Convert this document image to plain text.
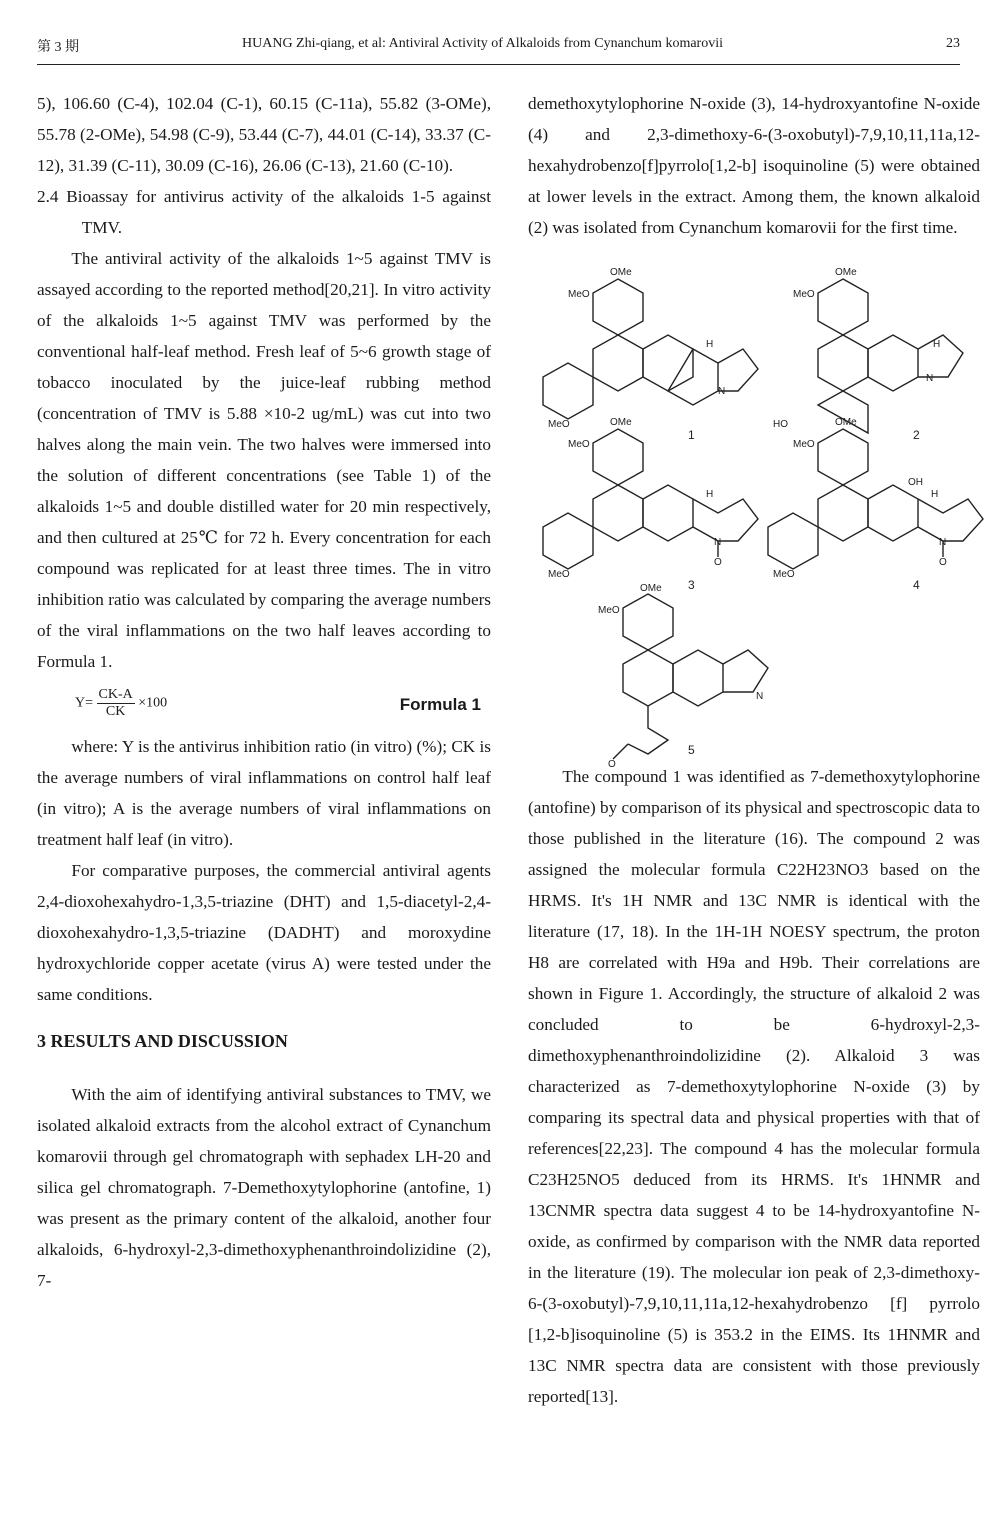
第 3 期	HUANG Zhi-qiang, et al: Antiviral Activity of Alkaloids from Cynanchum komarovii	23

5), 106.60 (C-4), 102.04 (C-1), 60.15 (C-11a), 55.82 (3-OMe), 55.78 (2-OMe), 54.98 (C-9), 53.44 (C-7), 44.01 (C-14), 33.37 (C-12), 31.39 (C-11), 30.09 (C-16), 26.06 (C-13), 21.60 (C-10).

2.4 Bioassay for antivirus activity of the alkaloids 1-5 against TMV.

The antiviral activity of the alkaloids 1~5 against TMV is assayed according to the reported method[20,21]. In vitro activity of the alkaloids 1~5 against TMV was performed by the conventional half-leaf method. Fresh leaf of 5~6 growth stage of tobacco inoculated by the juice-leaf rubbing method (concentration of TMV is 5.88 ×10-2 ug/mL) was cut into two halves along the main vein. The two halves were immersed into the solution of different concentrations (see Table 1) of the alkaloids 1~5 and double distilled water for 20 min respectively, and then cultured at 25℃ for 72 h. Every concentration for each compound was replicated for at least three times. The in vitro inhibition ratio was calculated by comparing the average numbers of the viral inflammations on the two half leaves according to Formula 1.

$Y= \frac{CK-A}{CK} \times 100$	Formula 1

where: Y is the antivirus inhibition ratio (in vitro) (%); CK is the average numbers of viral inflammations on control half leaf (in vitro); A is the average numbers of viral inflammations on treatment half leaf (in vitro).

For comparative purposes, the commercial antiviral agents 2,4-dioxohexahydro-1,3,5-triazine (DHT) and 1,5-diacetyl-2,4-dioxohexahydro-1,3,5-triazine (DADHT) and moroxydine hydroxychloride copper acetate (virus A) were tested under the same conditions.

3 RESULTS AND DISCUSSION

With the aim of identifying antiviral substances to TMV, we isolated alkaloid extracts from the alcohol extract of Cynanchum komarovii through gel chromatograph with sephadex LH-20 and silica gel chromatograph. 7-Demethoxytylophorine (antofine, 1) was present as the primary content of the alkaloid, another four alkaloids, 6-hydroxyl-2,3-dimethoxyphenanthroindolizidine (2), 7-

demethoxytylophorine N-oxide (3), 14-hydroxyantofine N-oxide (4) and 2,3-dimethoxy-6-(3-oxobutyl)-7,9,10,11,11a,12-hexahydrobenzo[f]pyrrolo[1,2-b] isoquinoline (5) were obtained at lower levels in the extract. Among them, the known alkaloid (2) was isolated from Cynanchum komarovii for the first time.

OMe
MeO
MeO
H
N
1
OMe
MeO
HO
H
N
2
OMe
MeO
MeO
H
N
O
3
OMe
MeO
MeO
OH
H
N
O
4
OMe
MeO
N
O
5

The compound 1 was identified as 7-demethoxytylophorine (antofine) by comparison of its physical and spectroscopic data to those published in the literature (16). The compound 2 was assigned the molecular formula C22H23NO3 based on the HRMS. It's 1H NMR and 13C NMR is identical with the literature (17, 18). In the 1H-1H NOESY spectrum, the proton H8 are correlated with H9a and H9b. Their correlations are shown in Figure 1. Accordingly, the structure of alkaloid 2 was concluded to be 6-hydroxyl-2,3-dimethoxyphenanthroindolizidine (2). Alkaloid 3 was characterized as 7-demethoxytylophorine N-oxide (3) by comparing its spectral data and physical properties with that of references[22,23]. The compound 4 has the molecular formula C23H25NO5 deduced from its HRMS. It's 1HNMR and 13CNMR spectra data suggest 4 to be 14-hydroxyantofine N-oxide, as confirmed by comparison with the NMR data reported in the literature (19). The molecular ion peak of 2,3-dimethoxy-6-(3-oxobutyl)-7,9,10,11,11a,12-hexahydrobenzo [f] pyrrolo [1,2-b]isoquinoline (5) is 353.2 in the EIMS. Its 1HNMR and 13C NMR spectra data are consistent with those previously reported[13].
